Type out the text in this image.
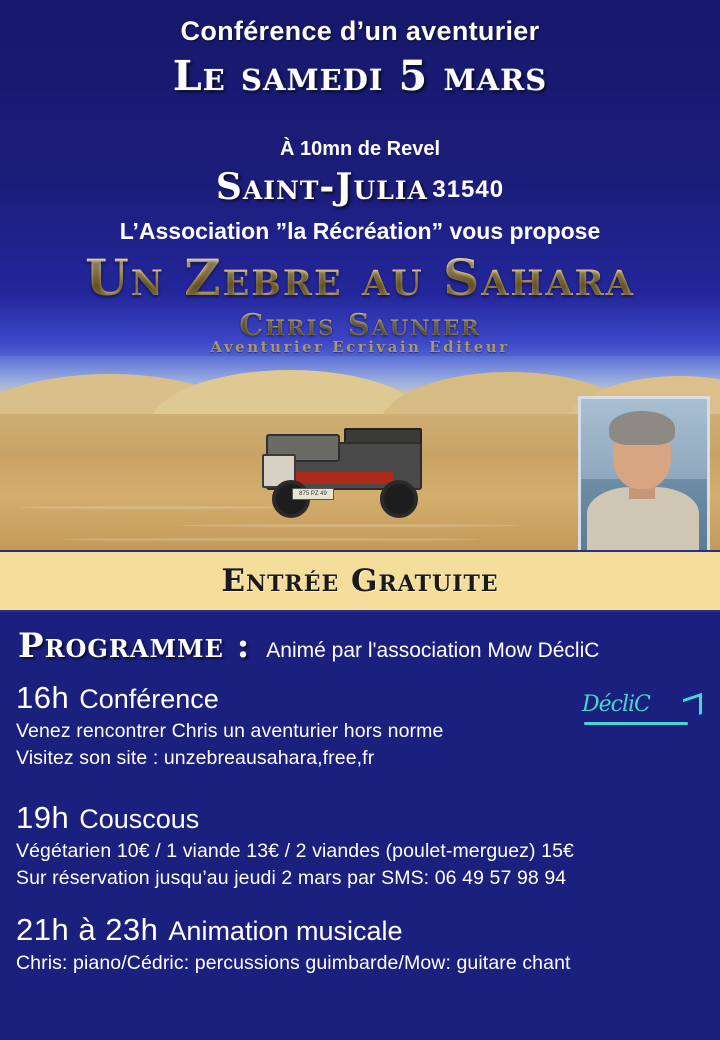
Conférence d’un aventurier
Le samedi 5 mars
À 10mn de Revel
Saint-Julia 31540
L’Association ”la Récréation” vous propose
Un Zebre au Sahara
Chris Saunier
Aventurier Ecrivain Editeur
875 PZ 49
Entrée Gratuite
Programme : Animé par l'association Mow DécliC
DécliC
16h Conférence
Venez rencontrer Chris un aventurier hors norme
Visitez son site : unzebreausahara,free,fr
19h Couscous
Végétarien 10€ / 1 viande 13€ / 2 viandes (poulet-merguez) 15€
Sur réservation jusqu’au jeudi 2 mars par SMS: 06 49 57 98 94
21h à 23h Animation musicale
Chris: piano/Cédric: percussions guimbarde/Mow: guitare chant
